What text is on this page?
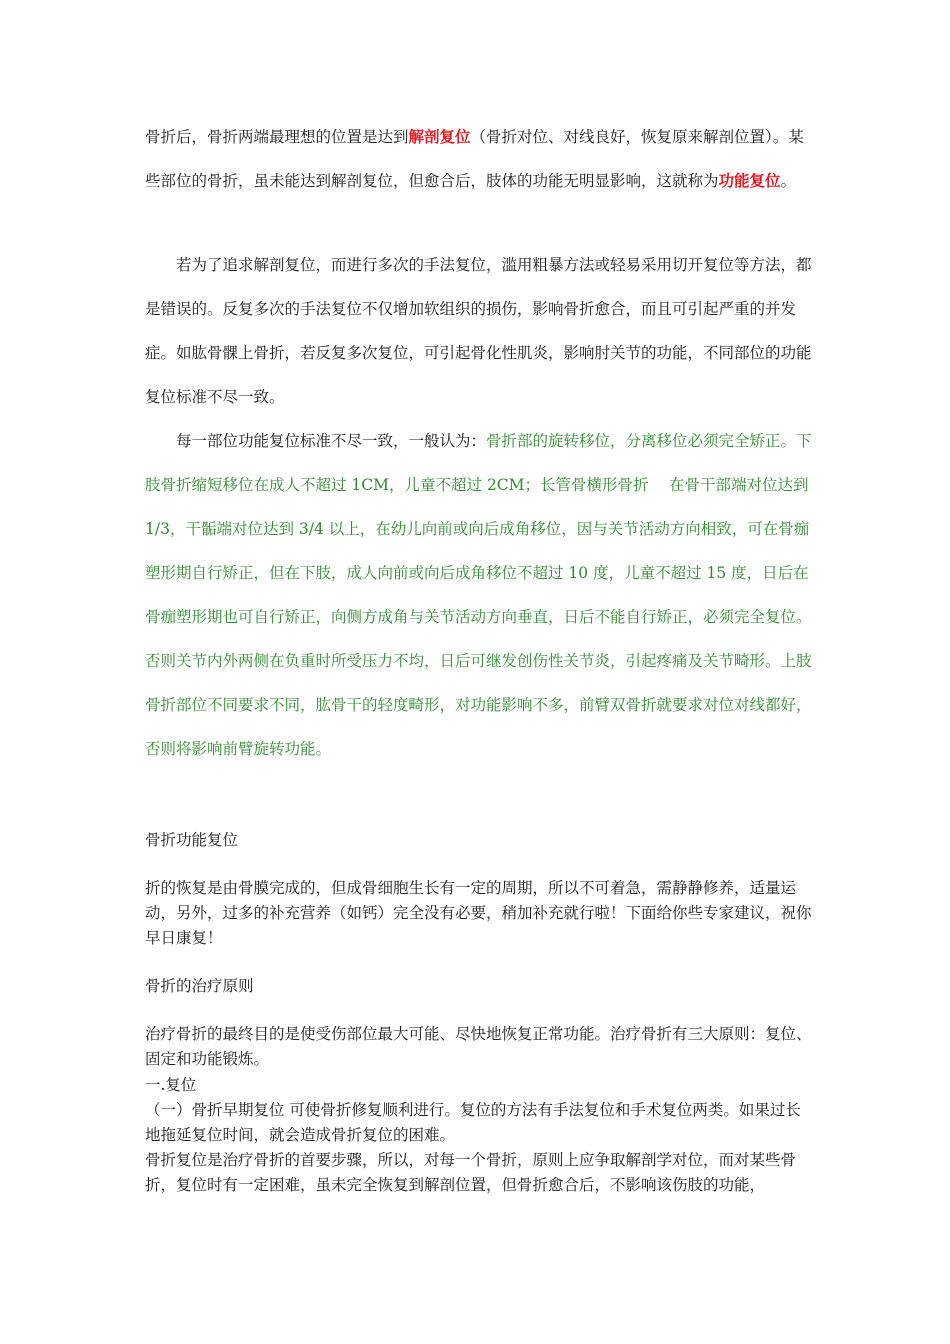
骨折后，骨折两端最理想的位置是达到解剖复位（骨折对位、对线良好，恢复原来解剖位置）。某些部位的骨折，虽未能达到解剖复位，但愈合后，肢体的功能无明显影响，这就称为功能复位。

若为了追求解剖复位，而进行多次的手法复位，滥用粗暴方法或轻易采用切开复位等方法，都是错误的。反复多次的手法复位不仅增加软组织的损伤，影响骨折愈合，而且可引起严重的并发症。如肱骨髁上骨折，若反复多次复位，可引起骨化性肌炎，影响肘关节的功能，不同部位的功能复位标准不尽一致。

每一部位功能复位标准不尽一致，一般认为：骨折部的旋转移位，分离移位必须完全矫正。下肢骨折缩短移位在成人不超过 1CM，儿童不超过 2CM；长管骨横形骨折　 在骨干部端对位达到 1/3，干骺端对位达到 3/4 以上，在幼儿向前或向后成角移位，因与关节活动方向相致，可在骨痂塑形期自行矫正，但在下肢，成人向前或向后成角移位不超过 10 度，儿童不超过 15 度，日后在骨痂塑形期也可自行矫正，向侧方成角与关节活动方向垂直，日后不能自行矫正，必须完全复位。否则关节内外两侧在负重时所受压力不均，日后可继发创伤性关节炎，引起疼痛及关节畸形。上肢骨折部位不同要求不同，肱骨干的轻度畸形，对功能影响不多，前臂双骨折就要求对位对线都好，否则将影响前臂旋转功能。

骨折功能复位

折的恢复是由骨膜完成的，但成骨细胞生长有一定的周期，所以不可着急，需静静修养，适量运动，另外，过多的补充营养（如钙）完全没有必要，稍加补充就行啦！下面给你些专家建议，祝你早日康复！

骨折的治疗原则

治疗骨折的最终目的是使受伤部位最大可能、尽快地恢复正常功能。治疗骨折有三大原则：复位、固定和功能锻炼。

一.复位

（一）骨折早期复位 可使骨折修复顺利进行。复位的方法有手法复位和手术复位两类。如果过长地拖延复位时间，就会造成骨折复位的困难。

骨折复位是治疗骨折的首要步骤，所以，对每一个骨折，原则上应争取解剖学对位，而对某些骨折，复位时有一定困难，虽未完全恢复到解剖位置，但骨折愈合后，不影响该伤肢的功能，
